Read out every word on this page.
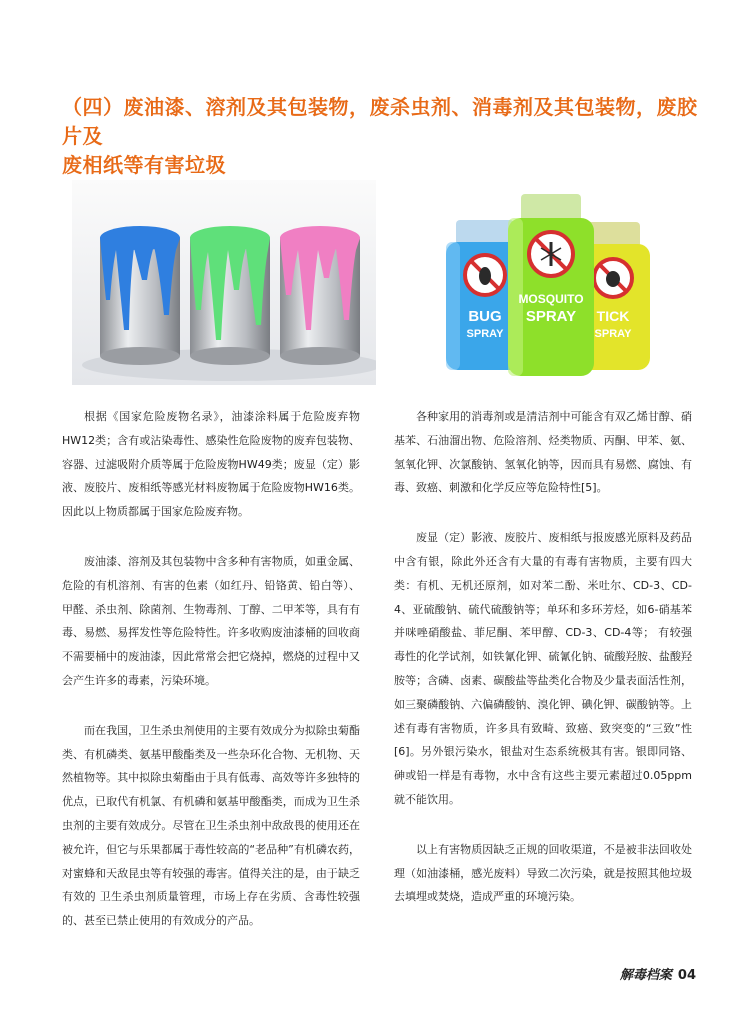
（四）废油漆、溶剂及其包装物，废杀虫剂、消毒剂及其包装物，废胶片及
废相纸等有害垃圾
BUG
SPRAY
TICK
SPRAY
MOSQUITO
SPRAY

根据《国家危险废物名录》，油漆涂料属于危险废弃物HW12类；含有或沾染毒性、感染性危险废物的废弃包装物、容器、过滤吸附介质等属于危险废物HW49类；废显（定）影液、废胶片、废相纸等感光材料废物属于危险废物HW16类。因此以上物质都属于国家危险废弃物。

废油漆、溶剂及其包装物中含多种有害物质，如重金属、危险的有机溶剂、有害的色素（如红丹、铅铬黄、铅白等）、甲醛、杀虫剂、除菌剂、生物毒剂、丁醇、二甲苯等，具有有毒、易燃、易挥发性等危险特性。许多收购废油漆桶的回收商不需要桶中的废油漆，因此常常会把它烧掉，燃烧的过程中又会产生许多的毒素，污染环境。

而在我国，卫生杀虫剂使用的主要有效成分为拟除虫菊酯类、有机磷类、氨基甲酸酯类及一些杂环化合物、无机物、天然植物等。其中拟除虫菊酯由于具有低毒、高效等许多独特的优点，已取代有机氯、有机磷和氨基甲酸酯类，而成为卫生杀虫剂的主要有效成分。尽管在卫生杀虫剂中敌敌畏的使用还在被允许，但它与乐果都属于毒性较高的“老品种”有机磷农药，对蜜蜂和天敌昆虫等有较强的毒害。值得关注的是，由于缺乏有效的 卫生杀虫剂质量管理，市场上存在劣质、含毒性较强的、甚至已禁止使用的有效成分的产品。

各种家用的消毒剂或是清洁剂中可能含有双乙烯甘醇、硝基苯、石油溜出物、危险溶剂、烃类物质、丙酮、甲苯、氨、氢氧化钾、次氯酸钠、氢氧化钠等，因而具有易燃、腐蚀、有毒、致癌、刺激和化学反应等危险特性[5]。

废显（定）影液、废胶片、废相纸与报废感光原料及药品中含有银，除此外还含有大量的有毒有害物质，主要有四大类：有机、无机还原剂，如对苯二酚、米吐尔、CD-3、CD-4、亚硫酸钠、硫代硫酸钠等；单环和多环芳烃，如6-硝基苯并咪唑硝酸盐、菲尼酮、苯甲醇、CD-3、CD-4等； 有较强毒性的化学试剂，如铁氰化钾、硫氰化钠、硫酸羟胺、盐酸羟胺等；含磷、卤素、碳酸盐等盐类化合物及少量表面活性剂，如三聚磷酸钠、六偏磷酸钠、溴化钾、碘化钾、碳酸钠等。上述有毒有害物质，许多具有致畸、致癌、致突变的“三致”性[6]。另外银污染水，银盐对生态系统极其有害。银即同铬、砷或铅一样是有毒物，水中含有这些主要元素超过0.05ppm就不能饮用。

以上有害物质因缺乏正规的回收渠道，不是被非法回收处理（如油漆桶，感光废料）导致二次污染，就是按照其他垃圾去填埋或焚烧，造成严重的环境污染。

解毒档案 04
